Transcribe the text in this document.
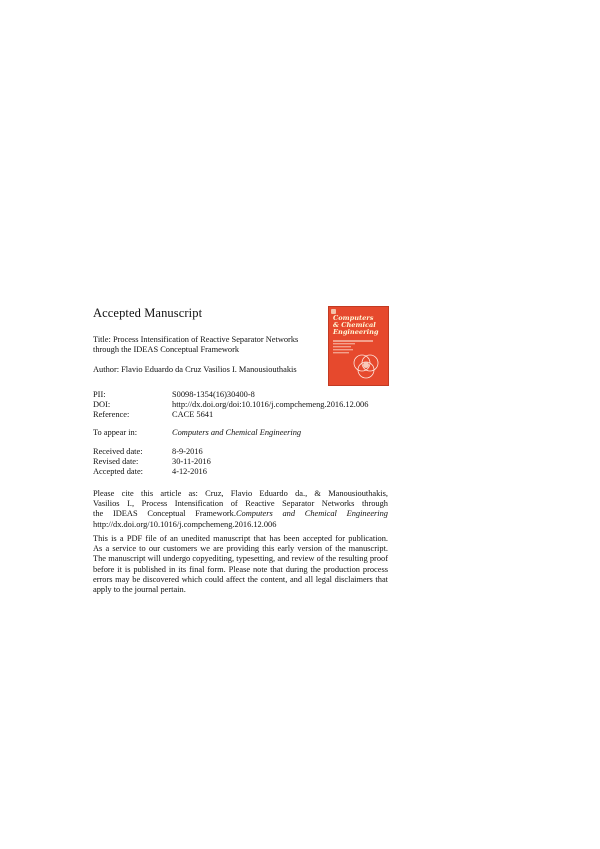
Accepted Manuscript	Computers
& Chemical
Engineering
Title: Process Intensification of Reactive Separator Networks
through the IDEAS Conceptual Framework
Author: Flavio Eduardo da Cruz Vasilios I. Manousiouthakis
PII:	S0098-1354(16)30400-8
DOI:	http://dx.doi.org/doi:10.1016/j.compchemeng.2016.12.006
Reference:	CACE 5641
To appear in:	Computers and Chemical Engineering
Received date:	8-9-2016
Revised date:	30-11-2016
Accepted date:	4-12-2016

Please cite this article as: Cruz, Flavio Eduardo da., & Manousiouthakis,

Vasilios I., Process Intensification of Reactive Separator Networks through

the IDEAS Conceptual Framework.Computers and Chemical Engineering

http://dx.doi.org/10.1016/j.compchemeng.2016.12.006

This is a PDF file of an unedited manuscript that has been accepted for publication.

As a service to our customers we are providing this early version of the manuscript.

The manuscript will undergo copyediting, typesetting, and review of the resulting proof

before it is published in its final form. Please note that during the production process

errors may be discovered which could affect the content, and all legal disclaimers that

apply to the journal pertain.
